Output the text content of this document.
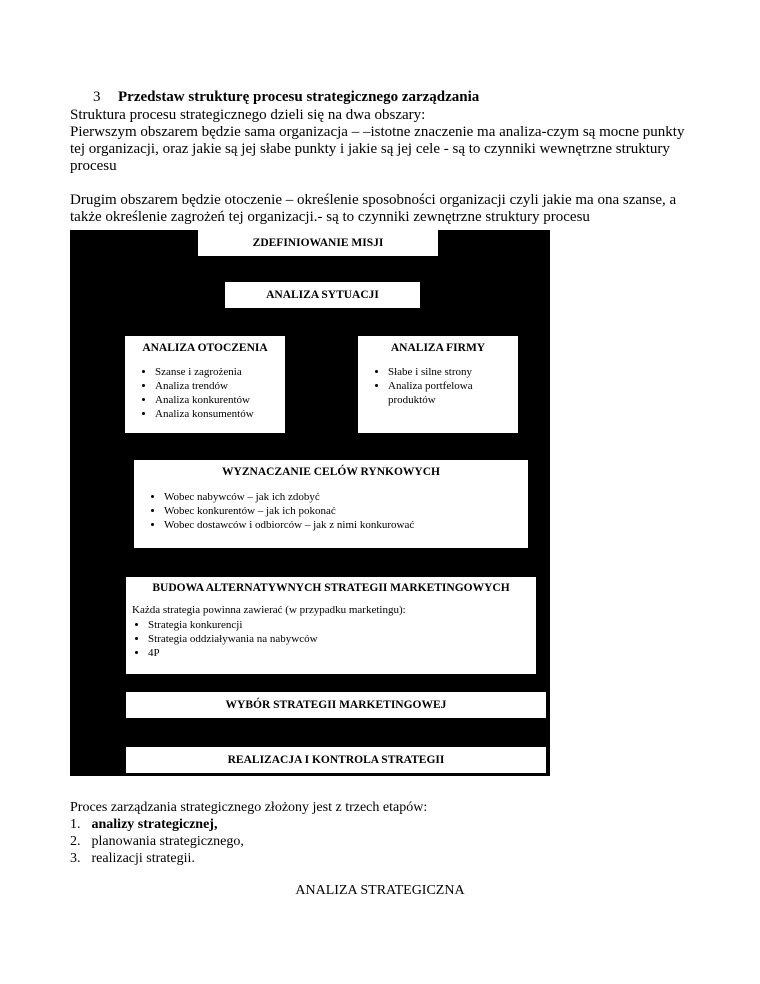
3 Przedstaw strukturę procesu strategicznego zarządzania
Struktura procesu strategicznego dzieli się na dwa obszary:
Pierwszym obszarem będzie sama organizacja – –istotne znaczenie ma analiza-czym są mocne punkty
tej organizacji, oraz jakie są jej słabe punkty i jakie są jej cele - są to czynniki wewnętrzne struktury
procesu
Drugim obszarem będzie otoczenie – określenie sposobności organizacji czyli jakie ma ona szanse, a
także określenie zagrożeń tej organizacji.- są to czynniki zewnętrzne struktury procesu
ZDEFINIOWANIE MISJI
ANALIZA SYTUACJI
ANALIZA OTOCZENIA
• Szanse i zagrożenia
• Analiza trendów
• Analiza konkurentów
• Analiza konsumentów
ANALIZA FIRMY
• Słabe i silne strony
• Analiza portfelowa
produktów
WYZNACZANIE CELÓW RYNKOWYCH
• Wobec nabywców – jak ich zdobyć
• Wobec konkurentów – jak ich pokonać
• Wobec dostawców i odbiorców – jak z nimi konkurować
BUDOWA ALTERNATYWNYCH STRATEGII MARKETINGOWYCH
Każda strategia powinna zawierać (w przypadku marketingu):
• Strategia konkurencji
• Strategia oddziaływania na nabywców
• 4P
WYBÓR STRATEGII MARKETINGOWEJ
REALIZACJA I KONTROLA STRATEGII
Proces zarządzania strategicznego złożony jest z trzech etapów:
1. analizy strategicznej,
2. planowania strategicznego,
3. realizacji strategii.
ANALIZA STRATEGICZNA
